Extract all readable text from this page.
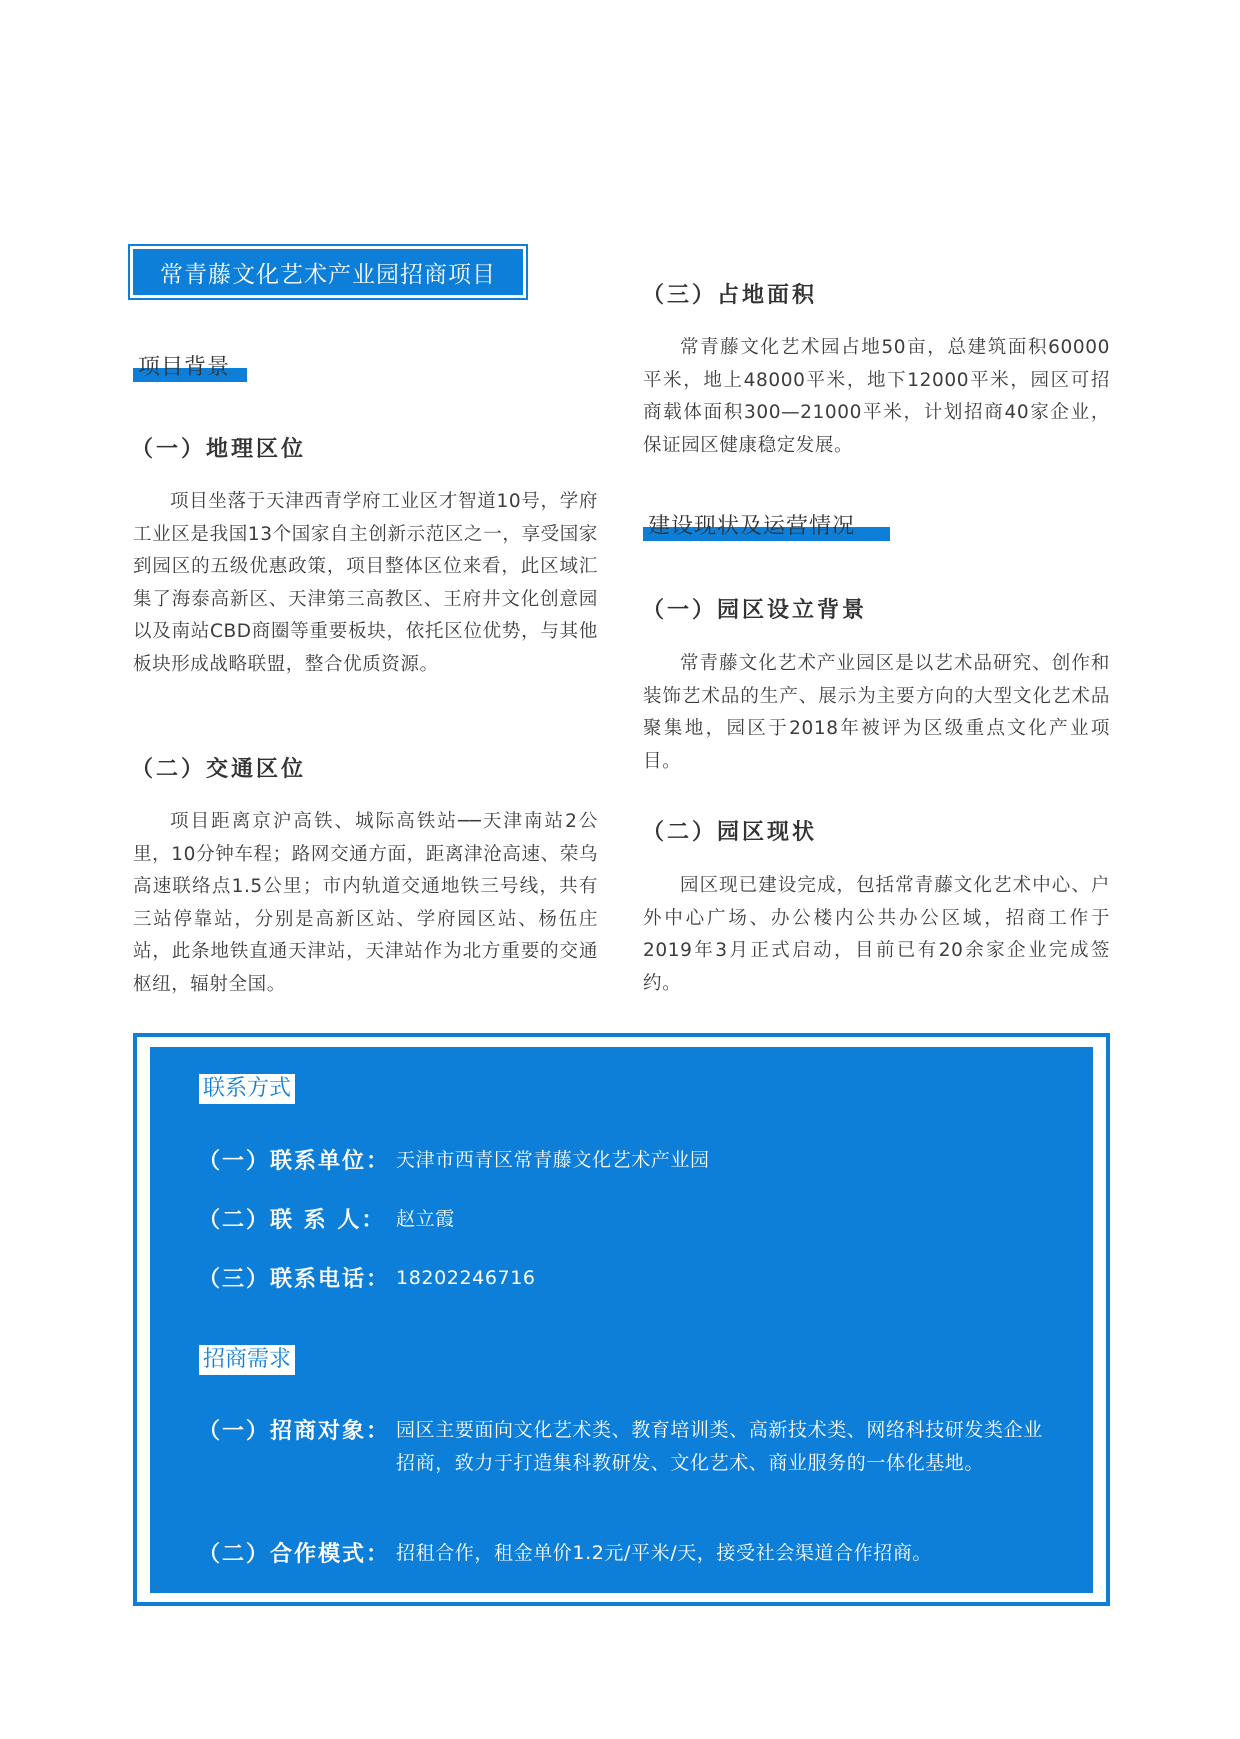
常青藤文化艺术产业园招商项目
项目背景
（一）地理区位
项目坐落于天津西青学府工业区才智道10号，学府工业区是我国13个国家自主创新示范区之一，享受国家到园区的五级优惠政策，项目整体区位来看，此区域汇集了海泰高新区、天津第三高教区、王府井文化创意园以及南站CBD商圈等重要板块，依托区位优势，与其他板块形成战略联盟，整合优质资源。
（二）交通区位
项目距离京沪高铁、城际高铁站──天津南站2公里，10分钟车程；路网交通方面，距离津沧高速、荣乌高速联络点1.5公里；市内轨道交通地铁三号线，共有三站停靠站，分别是高新区站、学府园区站、杨伍庄站，此条地铁直通天津站，天津站作为北方重要的交通枢纽，辐射全国。
（三）占地面积
常青藤文化艺术园占地50亩，总建筑面积60000平米，地上48000平米，地下12000平米，园区可招商载体面积300—21000平米，计划招商40家企业，保证园区健康稳定发展。
建设现状及运营情况
（一）园区设立背景
常青藤文化艺术产业园区是以艺术品研究、创作和装饰艺术品的生产、展示为主要方向的大型文化艺术品聚集地，园区于2018年被评为区级重点文化产业项目。
（二）园区现状
园区现已建设完成，包括常青藤文化艺术中心、户外中心广场、办公楼内公共办公区域，招商工作于2019年3月正式启动，目前已有20余家企业完成签约。
联系方式
（一）联系单位： 天津市西青区常青藤文化艺术产业园
（二）联 系 人： 赵立霞
（三）联系电话： 18202246716
招商需求
（一）招商对象： 园区主要面向文化艺术类、教育培训类、高新技术类、网络科技研发类企业招商，致力于打造集科教研发、文化艺术、商业服务的一体化基地。
（二）合作模式： 招租合作，租金单价1.2元/平米/天，接受社会渠道合作招商。
